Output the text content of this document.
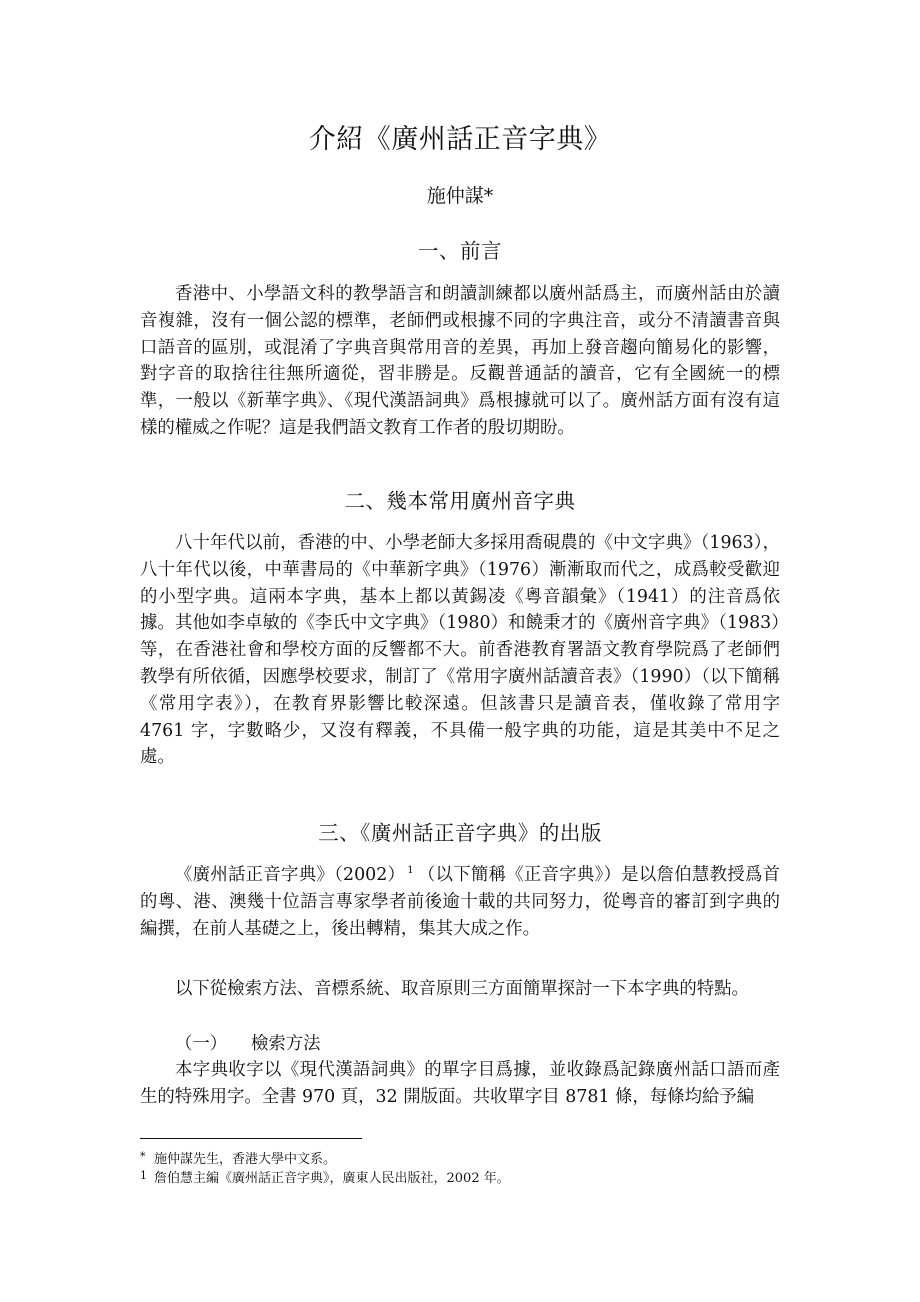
介紹《廣州話正音字典》
施仲謀*
一、前言
香港中、小學語文科的教學語言和朗讀訓練都以廣州話爲主，而廣州話由於讀音複雜，沒有一個公認的標準，老師們或根據不同的字典注音，或分不清讀書音與口語音的區別，或混淆了字典音與常用音的差異，再加上發音趨向簡易化的影響，對字音的取捨往往無所適從，習非勝是。反觀普通話的讀音，它有全國統一的標準，一般以《新華字典》、《現代漢語詞典》爲根據就可以了。廣州話方面有沒有這樣的權威之作呢？這是我們語文教育工作者的殷切期盼。
二、幾本常用廣州音字典
八十年代以前，香港的中、小學老師大多採用喬硯農的《中文字典》（1963），八十年代以後，中華書局的《中華新字典》（1976）漸漸取而代之，成爲較受歡迎的小型字典。這兩本字典，基本上都以黃錫凌《粵音韻彙》（1941）的注音爲依據。其他如李卓敏的《李氏中文字典》（1980）和饒秉才的《廣州音字典》（1983）等，在香港社會和學校方面的反響都不大。前香港教育署語文教育學院爲了老師們教學有所依循，因應學校要求，制訂了《常用字廣州話讀音表》（1990）（以下簡稱《常用字表》），在教育界影響比較深遠。但該書只是讀音表，僅收錄了常用字 4761 字，字數略少，又沒有釋義，不具備一般字典的功能，這是其美中不足之處。
三、《廣州話正音字典》的出版
《廣州話正音字典》（2002） $^1$ （以下簡稱《正音字典》）是以詹伯慧教授爲首的粵、港、澳幾十位語言專家學者前後逾十載的共同努力，從粵音的審訂到字典的編撰，在前人基礎之上，後出轉精，集其大成之作。
以下從檢索方法、音標系統、取音原則三方面簡單探討一下本字典的特點。
（一） 檢索方法
本字典收字以《現代漢語詞典》的單字目爲據，並收錄爲記錄廣州話口語而產生的特殊用字。全書 970 頁，32 開版面。共收單字目 8781 條，每條均給予編
* 施仲謀先生，香港大學中文系。
1 詹伯慧主編《廣州話正音字典》，廣東人民出版社，2002 年。
